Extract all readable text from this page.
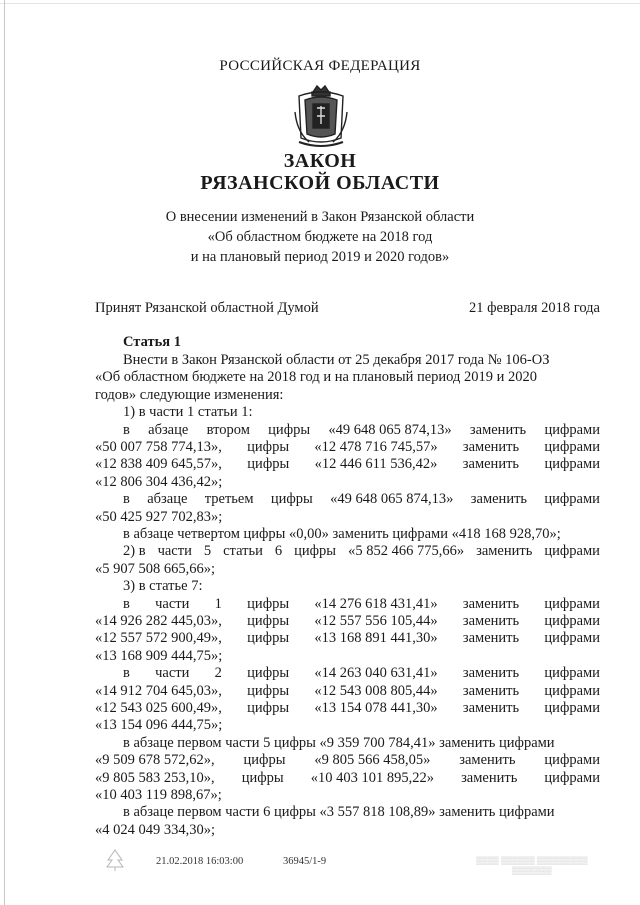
РОССИЙСКАЯ ФЕДЕРАЦИЯ
ЗАКОН
РЯЗАНСКОЙ ОБЛАСТИ
О внесении изменений в Закон Рязанской области
«Об областном бюджете на 2018 год
и на плановый период 2019 и 2020 годов»
Принят Рязанской областной Думой	21 февраля 2018 года
Статья 1
Внести в Закон Рязанской области от 25 декабря 2017 года № 106-ОЗ
«Об областном бюджете на 2018 год и на плановый период 2019 и 2020
годов» следующие изменения:
1) в части 1 статьи 1:
в абзаце втором цифры «49 648 065 874,13» заменить цифрами
«50 007 758 774,13», цифры «12 478 716 745,57» заменить цифрами
«12 838 409 645,57», цифры «12 446 611 536,42» заменить цифрами
«12 806 304 436,42»;
в абзаце третьем цифры «49 648 065 874,13» заменить цифрами
«50 425 927 702,83»;
в абзаце четвертом цифры «0,00» заменить цифрами «418 168 928,70»;
2) в части 5 статьи 6 цифры «5 852 466 775,66» заменить цифрами
«5 907 508 665,66»;
3) в статье 7:
в части 1 цифры «14 276 618 431,41» заменить цифрами
«14 926 282 445,03», цифры «12 557 556 105,44» заменить цифрами
«12 557 572 900,49», цифры «13 168 891 441,30» заменить цифрами
«13 168 909 444,75»;
в части 2 цифры «14 263 040 631,41» заменить цифрами
«14 912 704 645,03», цифры «12 543 008 805,44» заменить цифрами
«12 543 025 600,49», цифры «13 154 078 441,30» заменить цифрами
«13 154 096 444,75»;
в абзаце первом части 5 цифры «9 359 700 784,41» заменить цифрами
«9 509 678 572,62», цифры «9 805 566 458,05» заменить цифрами
«9 805 583 253,10», цифры «10 403 101 895,22» заменить цифрами
«10 403 119 898,67»;
в абзаце первом части 6 цифры «3 557 818 108,89» заменить цифрами
«4 024 049 334,30»;
21.02.2018 16:03:00	36945/1-9	▒▒▒▒ ▒▒▒▒▒▒ ▒▒▒▒▒▒▒▒▒
▒▒▒▒▒▒▒
